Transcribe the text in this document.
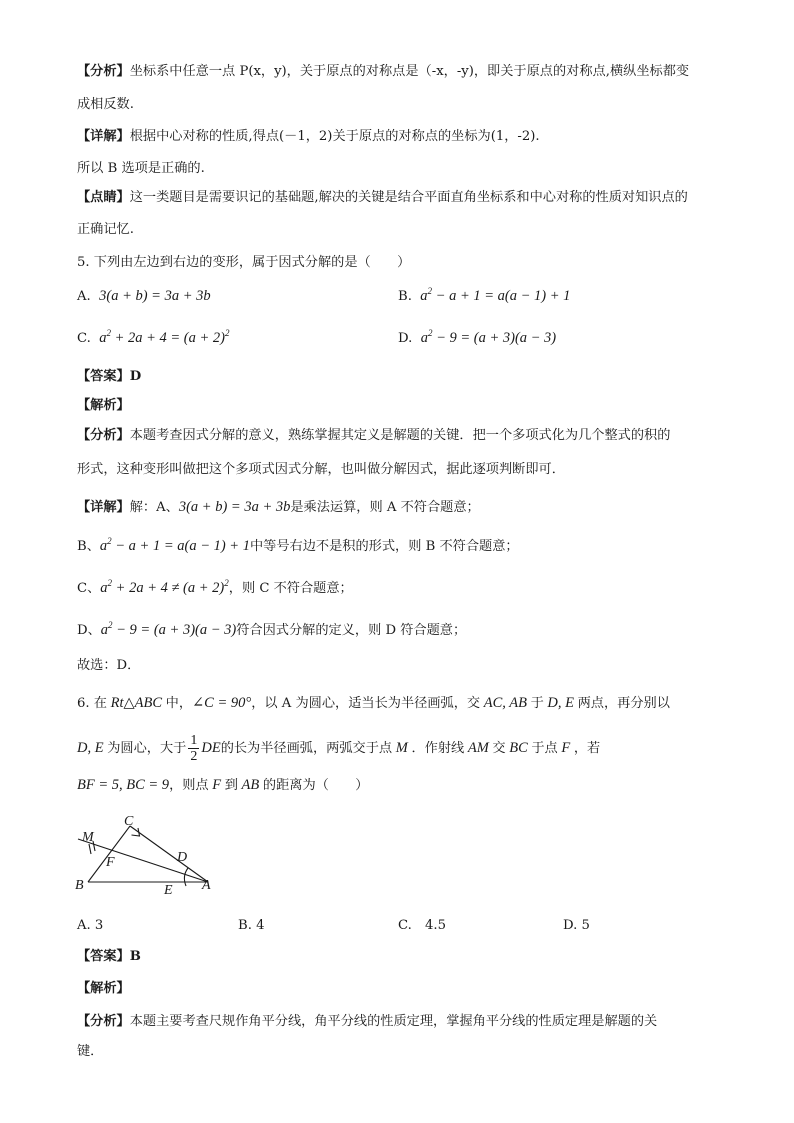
【分析】坐标系中任意一点 P(x，y)，关于原点的对称点是（-x，-y)，即关于原点的对称点,横纵坐标都变
成相反数.
【详解】根据中心对称的性质,得点(－1，2)关于原点的对称点的坐标为(1，-2).
所以 B 选项是正确的.
【点睛】这一类题目是需要识记的基础题,解决的关键是结合平面直角坐标系和中心对称的性质对知识点的
正确记忆.
5. 下列由左边到右边的变形，属于因式分解的是（　　）
A. 3(a + b) = 3a + 3b	B. $a^2 - a + 1 = a(a - 1) + 1$
C. $a^2 + 2a + 4 = (a + 2)^2$	D. $a^2 - 9 = (a + 3)(a - 3)$
【答案】D
【解析】
【分析】本题考查因式分解的意义，熟练掌握其定义是解题的关键．把一个多项式化为几个整式的积的
形式，这种变形叫做把这个多项式因式分解，也叫做分解因式，据此逐项判断即可．
【详解】解：A、3(a + b) = 3a + 3b是乘法运算，则 A 不符合题意；
B、$a^2 - a + 1 = a(a - 1) + 1$中等号右边不是积的形式，则 B 不符合题意；
C、$a^2 + 2a + 4 \ne (a + 2)^2$，则 C 不符合题意；
D、$a^2 - 9 = (a + 3)(a - 3)$符合因式分解的定义，则 D 符合题意；
故选：D．
6. 在 Rt△ABC 中，∠C = 90°，以 A 为圆心，适当长为半径画弧，交 AC, AB 于 D, E 两点，再分别以
D, E 为圆心，大于 $\frac{1}{2}$ DE的长为半径画弧，两弧交于点 M ．作射线 AM 交 BC 于点 F ，若
BF = 5, BC = 9，则点 F 到 AB 的距离为（　　）
M
C
D
F
B	E A
A. 3	B. 4	C.　4.5	D. 5
【答案】B
【解析】
【分析】本题主要考查尺规作角平分线，角平分线的性质定理，掌握角平分线的性质定理是解题的关
键．
